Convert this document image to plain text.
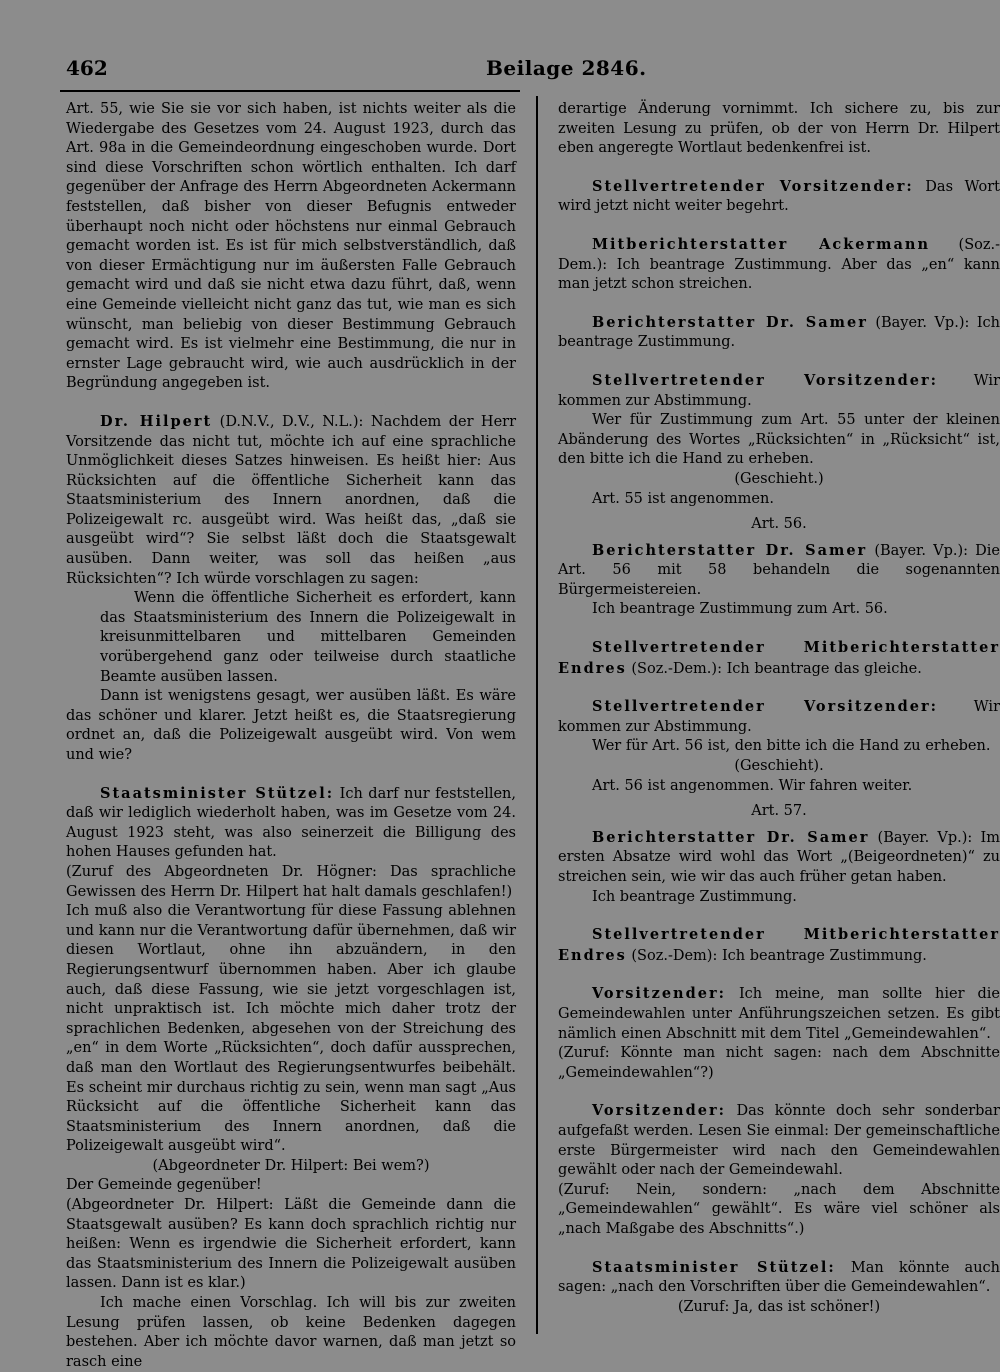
462	Beilage 2846.

Art. 55, wie Sie sie vor sich haben, ist nichts weiter als die Wiedergabe des Gesetzes vom 24. August 1923, durch das Art. 98a in die Gemeindeordnung eingeschoben wurde. Dort sind diese Vorschriften schon wörtlich enthalten. Ich darf gegenüber der Anfrage des Herrn Abgeordneten Ackermann feststellen, daß bisher von dieser Befugnis entweder überhaupt noch nicht oder höchstens nur einmal Gebrauch gemacht worden ist. Es ist für mich selbstverständlich, daß von dieser Ermächtigung nur im äußersten Falle Gebrauch gemacht wird und daß sie nicht etwa dazu führt, daß, wenn eine Gemeinde vielleicht nicht ganz das tut, wie man es sich wünscht, man beliebig von dieser Bestimmung Gebrauch gemacht wird. Es ist vielmehr eine Bestimmung, die nur in ernster Lage gebraucht wird, wie auch ausdrücklich in der Begründung angegeben ist.

Dr. Hilpert (D.N.V., D.V., N.L.): Nachdem der Herr Vorsitzende das nicht tut, möchte ich auf eine sprachliche Unmöglichkeit dieses Satzes hinweisen. Es heißt hier: Aus Rücksichten auf die öffentliche Sicherheit kann das Staatsministerium des Innern anordnen, daß die Polizeigewalt rc. ausgeübt wird. Was heißt das, „daß sie ausgeübt wird“? Sie selbst läßt doch die Staatsgewalt ausüben. Dann weiter, was soll das heißen „aus Rücksichten“? Ich würde vorschlagen zu sagen:

Wenn die öffentliche Sicherheit es erfordert, kann das Staatsministerium des Innern die Polizeigewalt in kreisunmittelbaren und mittelbaren Gemeinden vorübergehend ganz oder teilweise durch staatliche Beamte ausüben lassen.

Dann ist wenigstens gesagt, wer ausüben läßt. Es wäre das schöner und klarer. Jetzt heißt es, die Staatsregierung ordnet an, daß die Polizeigewalt ausgeübt wird. Von wem und wie?

Staatsminister Stützel: Ich darf nur feststellen, daß wir lediglich wiederholt haben, was im Gesetze vom 24. August 1923 steht, was also seinerzeit die Billigung des hohen Hauses gefunden hat.

(Zuruf des Abgeordneten Dr. Högner: Das sprachliche Gewissen des Herrn Dr. Hilpert hat halt damals geschlafen!)

Ich muß also die Verantwortung für diese Fassung ablehnen und kann nur die Verantwortung dafür übernehmen, daß wir diesen Wortlaut, ohne ihn abzuändern, in den Regierungsentwurf übernommen haben. Aber ich glaube auch, daß diese Fassung, wie sie jetzt vorgeschlagen ist, nicht unpraktisch ist. Ich möchte mich daher trotz der sprachlichen Bedenken, abgesehen von der Streichung des „en“ in dem Worte „Rücksichten“, doch dafür aussprechen, daß man den Wortlaut des Regierungsentwurfes beibehält. Es scheint mir durchaus richtig zu sein, wenn man sagt „Aus Rücksicht auf die öffentliche Sicherheit kann das Staatsministerium des Innern anordnen, daß die Polizeigewalt ausgeübt wird“.

(Abgeordneter Dr. Hilpert: Bei wem?)

Der Gemeinde gegenüber!

(Abgeordneter Dr. Hilpert: Läßt die Gemeinde dann die Staatsgewalt ausüben? Es kann doch sprachlich richtig nur heißen: Wenn es irgendwie die Sicherheit erfordert, kann das Staatsministerium des Innern die Polizeigewalt ausüben lassen. Dann ist es klar.)

Ich mache einen Vorschlag. Ich will bis zur zweiten Lesung prüfen lassen, ob keine Bedenken dagegen bestehen. Aber ich möchte davor warnen, daß man jetzt so rasch eine

derartige Änderung vornimmt. Ich sichere zu, bis zur zweiten Lesung zu prüfen, ob der von Herrn Dr. Hilpert eben angeregte Wortlaut bedenkenfrei ist.

Stellvertretender Vorsitzender: Das Wort wird jetzt nicht weiter begehrt.

Mitberichterstatter Ackermann (Soz.-Dem.): Ich beantrage Zustimmung. Aber das „en“ kann man jetzt schon streichen.

Berichterstatter Dr. Samer (Bayer. Vp.): Ich beantrage Zustimmung.

Stellvertretender Vorsitzender: Wir kommen zur Abstimmung.

Wer für Zustimmung zum Art. 55 unter der kleinen Abänderung des Wortes „Rücksichten“ in „Rücksicht“ ist, den bitte ich die Hand zu erheben.

(Geschieht.)

Art. 55 ist angenommen.

Art. 56.

Berichterstatter Dr. Samer (Bayer. Vp.): Die Art. 56 mit 58 behandeln die sogenannten Bürgermeistereien.

Ich beantrage Zustimmung zum Art. 56.

Stellvertretender Mitberichterstatter Endres (Soz.-Dem.): Ich beantrage das gleiche.

Stellvertretender Vorsitzender: Wir kommen zur Abstimmung.

Wer für Art. 56 ist, den bitte ich die Hand zu erheben.

(Geschieht).

Art. 56 ist angenommen. Wir fahren weiter.

Art. 57.

Berichterstatter Dr. Samer (Bayer. Vp.): Im ersten Absatze wird wohl das Wort „(Beigeordneten)“ zu streichen sein, wie wir das auch früher getan haben.

Ich beantrage Zustimmung.

Stellvertretender Mitberichterstatter Endres (Soz.-Dem): Ich beantrage Zustimmung.

Vorsitzender: Ich meine, man sollte hier die Gemeindewahlen unter Anführungszeichen setzen. Es gibt nämlich einen Abschnitt mit dem Titel „Gemeindewahlen“.

(Zuruf: Könnte man nicht sagen: nach dem Abschnitte „Gemeindewahlen“?)

Vorsitzender: Das könnte doch sehr sonderbar aufgefaßt werden. Lesen Sie einmal: Der gemeinschaftliche erste Bürgermeister wird nach den Gemeindewahlen gewählt oder nach der Gemeindewahl.

(Zuruf: Nein, sondern: „nach dem Abschnitte „Gemeindewahlen“ gewählt“. Es wäre viel schöner als „nach Maßgabe des Abschnitts“.)

Staatsminister Stützel: Man könnte auch sagen: „nach den Vorschriften über die Gemeindewahlen“.

(Zuruf: Ja, das ist schöner!)
